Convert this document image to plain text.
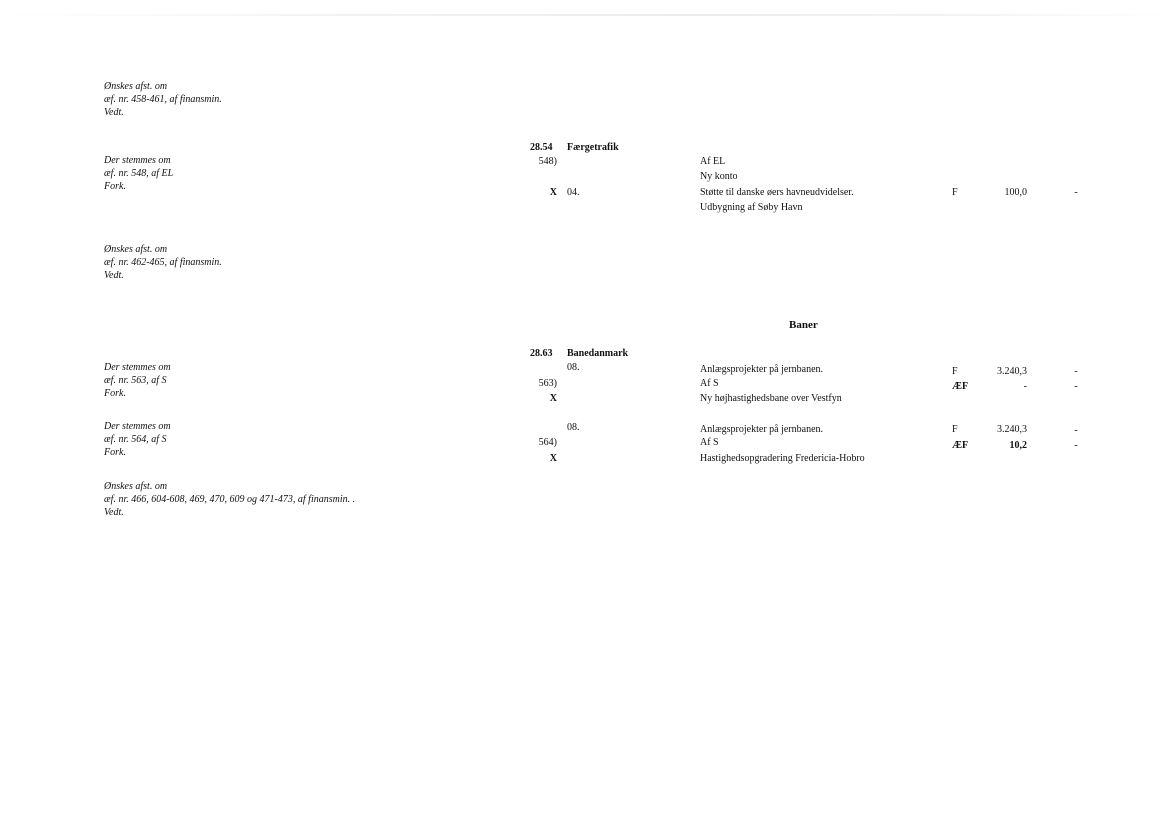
Ønskes afst. om
æf. nr. 458-461, af finansmin.
Vedt.
Der stemmes om
æf. nr. 548, af EL
Fork.
Ønskes afst. om
æf. nr. 462-465, af finansmin.
Vedt.
Der stemmes om
æf. nr. 563, af S
Fork.
Der stemmes om
æf. nr. 564, af S
Fork.
Ønskes afst. om
æf. nr. 466, 604-608, 469, 470, 609 og 471-473, af finansmin. .
Vedt.
28.54 Færgetrafik
548)	Af EL
Ny konto
X 04.	Støtte til danske øers havneudvidelser.	F	100,0	-
Udbygning af Søby Havn
Baner
28.63 Banedanmark
08.	Anlægsprojekter på jernbanen.	F	3.240,3	-
563)	Af S	ÆF	-	-
X	Ny højhastighedsbane over Vestfyn
08.	Anlægsprojekter på jernbanen.	F	3.240,3	-
564)	Af S	ÆF	10,2	-
X	Hastighedsopgradering Fredericia-Hobro
